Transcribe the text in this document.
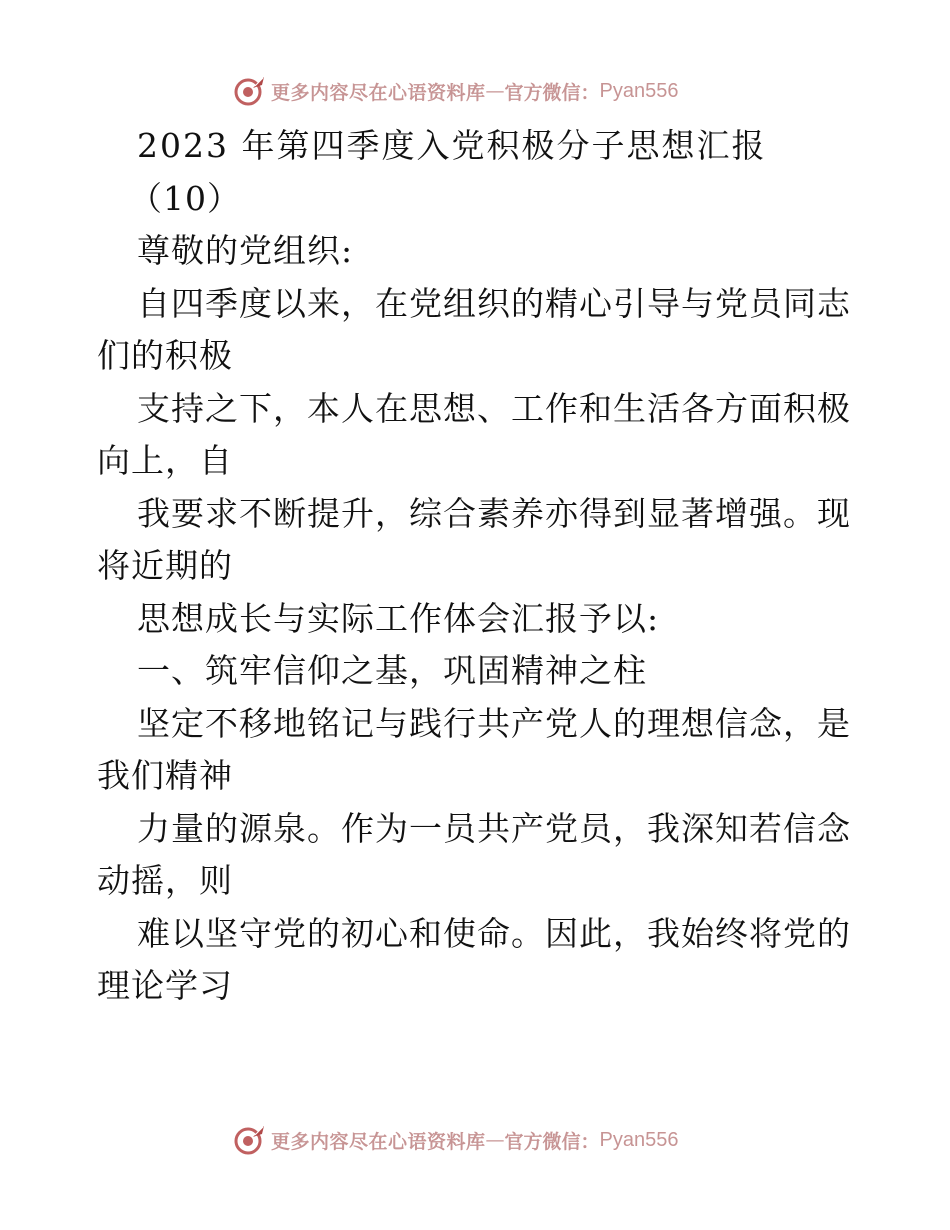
更多内容尽在心语资料库 — 官方微信： Pyan556
2023 年第四季度入党积极分子思想汇报
（10）
尊敬的党组织:
自四季度以来，在党组织的精心引导与党员同志
们的积极
支持之下，本人在思想、工作和生活各方面积极
向上，自
我要求不断提升，综合素养亦得到显著增强。现
将近期的
思想成长与实际工作体会汇报予以:
一、筑牢信仰之基，巩固精神之柱
坚定不移地铭记与践行共产党人的理想信念，是
我们精神
力量的源泉。作为一员共产党员，我深知若信念
动摇，则
难以坚守党的初心和使命。因此，我始终将党的
理论学习
更多内容尽在心语资料库 — 官方微信： Pyan556
